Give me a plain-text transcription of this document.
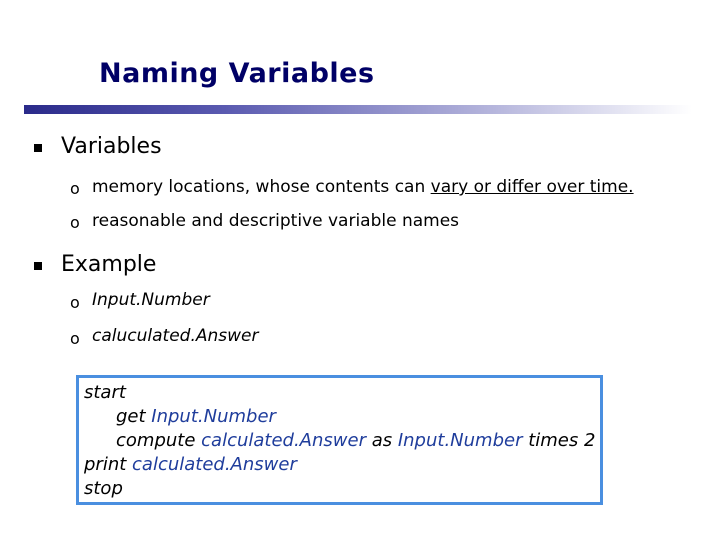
Naming Variables
Variables
o memory locations, whose contents can vary or differ over time.
o reasonable and descriptive variable names
Example
o Input.Number
o caluculated.Answer
start
get Input.Number
compute calculated.Answer as Input.Number times 2
print calculated.Answer
stop
